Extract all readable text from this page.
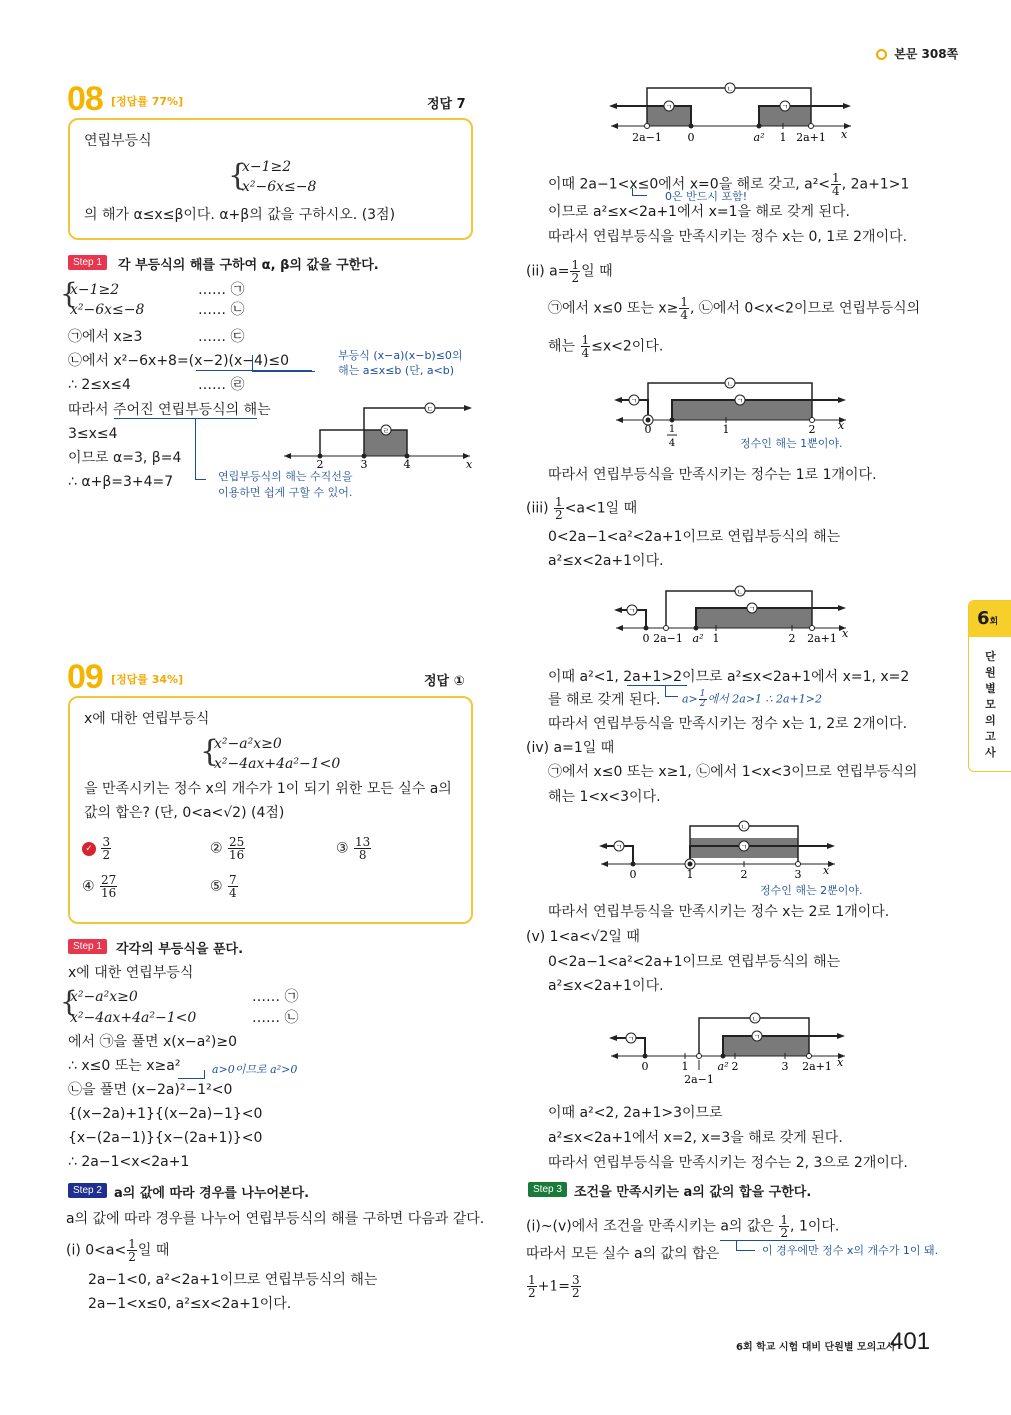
본문 308쪽
6회
단원별모의고사
6회 학교 시험 대비 단원별 모의고사
401
08 [정답률 77%]	정답 7
연립부등식
{
x−1≥2
x²−6x≤−8
의 해가 α≤x≤β이다. α+β의 값을 구하시오. (3점)
Step 1	각 부등식의 해를 구하여 α, β의 값을 구한다.
{
x−1≥2
x²−6x≤−8
…… ㉠
…… ㉡
㉠에서 x≥3	…… ㉢
㉡에서 x²−6x+8=(x−2)(x−4)≤0
∴ 2≤x≤4	…… ㉣
부등식 (x−a)(x−b)≤0의
해는 a≤x≤b (단, a<b)
따라서 주어진 연립부등식의 해는
3≤x≤4
이므로 α=3, β=4
∴ α+β=3+4=7	연립부등식의 해는 수직선을
이용하면 쉽게 구할 수 있어.
ㄷ
ㄹ
2	3	4	x
09 [정답률 34%]	정답 ①
x에 대한 연립부등식
{
x²−a²x≥0
x²−4ax+4a²−1<0
을 만족시키는 정수 x의 개수가 1이 되기 위한 모든 실수 a의
값의 합은? (단, 0<a<√2) (4점)
✓ $\frac{3}{2}$	② $\frac{25}{16}$	③ $\frac{13}{8}$
④ $\frac{27}{16}$	⑤ $\frac{7}{4}$
Step 1	각각의 부등식을 푼다.
x에 대한 연립부등식
{
x²−a²x≥0
x²−4ax+4a²−1<0
…… ㉠
…… ㉡
에서 ㉠을 풀면 x(x−a²)≥0
∴ x≤0 또는 x≥a²	a>0이므로 a²>0
㉡을 풀면 (x−2a)²−1²<0
{(x−2a)+1}{(x−2a)−1}<0
{x−(2a−1)}{x−(2a+1)}<0
∴ 2a−1<x<2a+1
Step 2 a의 값에 따라 경우를 나누어본다.
a의 값에 따라 경우를 나누어 연립부등식의 해를 구하면 다음과 같다.
(i) $0<a< \frac{1}{2}$ 일 때
2a−1<0, a²<2a+1이므로 연립부등식의 해는
2a−1<x≤0, a²≤x<2a+1이다.
ㄴ
ㄱ	ㄱ
2a−1 0	a² 1 2a+1 x
이때 2a−1<x≤0에서 x=0을 해로 갖고, $a^2< \frac{1}{4}$ , 2a+1>1
0은 반드시 포함!
이므로 a²≤x<2a+1에서 x=1을 해로 갖게 된다.
따라서 연립부등식을 만족시키는 정수 x는 0, 1로 2개이다.
(ii) $a= \frac{1}{2}$ 일 때
㉠에서 x≤0 또는 $x\ge \frac{1}{4}$ , ㉡에서 0<x<2이므로 연립부등식의
해는 $\frac{1}{4} \le x<2$이다.
ㄴ
ㄱ	ㄱ
0 1
4
1	2 x
정수인 해는 1뿐이야.
따라서 연립부등식을 만족시키는 정수는 1로 1개이다.
$(iii) \frac{1}{2} <a<1$일 때
0<2a−1<a²<2a+1이므로 연립부등식의 해는
a²≤x<2a+1이다.
ㄴ
ㄱ	ㄱ
0 2a−1 a² 1	2 2a+1 x
이때 a²<1, 2a+1>2이므로 a²≤x<2a+1에서 x=1, x=2
를 해로 갖게 된다. $a> \frac{1}{2}$ 에서 2a>1 ∴ 2a+1>2
따라서 연립부등식을 만족시키는 정수 x는 1, 2로 2개이다.
(iv) a=1일 때
㉠에서 x≤0 또는 x≥1, ㉡에서 1<x<3이므로 연립부등식의
해는 1<x<3이다.
ㄴ
ㄱ	ㄱ
0	1	2	3 x
정수인 해는 2뿐이야.
따라서 연립부등식을 만족시키는 정수 x는 2로 1개이다.
(v) 1<a<√2일 때
0<2a−1<a²<2a+1이므로 연립부등식의 해는
a²≤x<2a+1이다.
ㄴ
ㄱ	ㄱ
0	1
2a−1
a² 2	3 2a+1 x
이때 a²<2, 2a+1>3이므로
a²≤x<2a+1에서 x=2, x=3을 해로 갖게 된다.
따라서 연립부등식을 만족시키는 정수는 2, 3으로 2개이다.
Step 3 조건을 만족시키는 a의 값의 합을 구한다.
(i)~(v)에서 조건을 만족시키는 a의 값은 $\frac{1}{2}$ , 1이다.
따라서 모든 실수 a의 값의 합은	이 경우에만 정수 x의 개수가 1이 돼.
$\frac{1}{2} +1= \frac{3}{2}$
